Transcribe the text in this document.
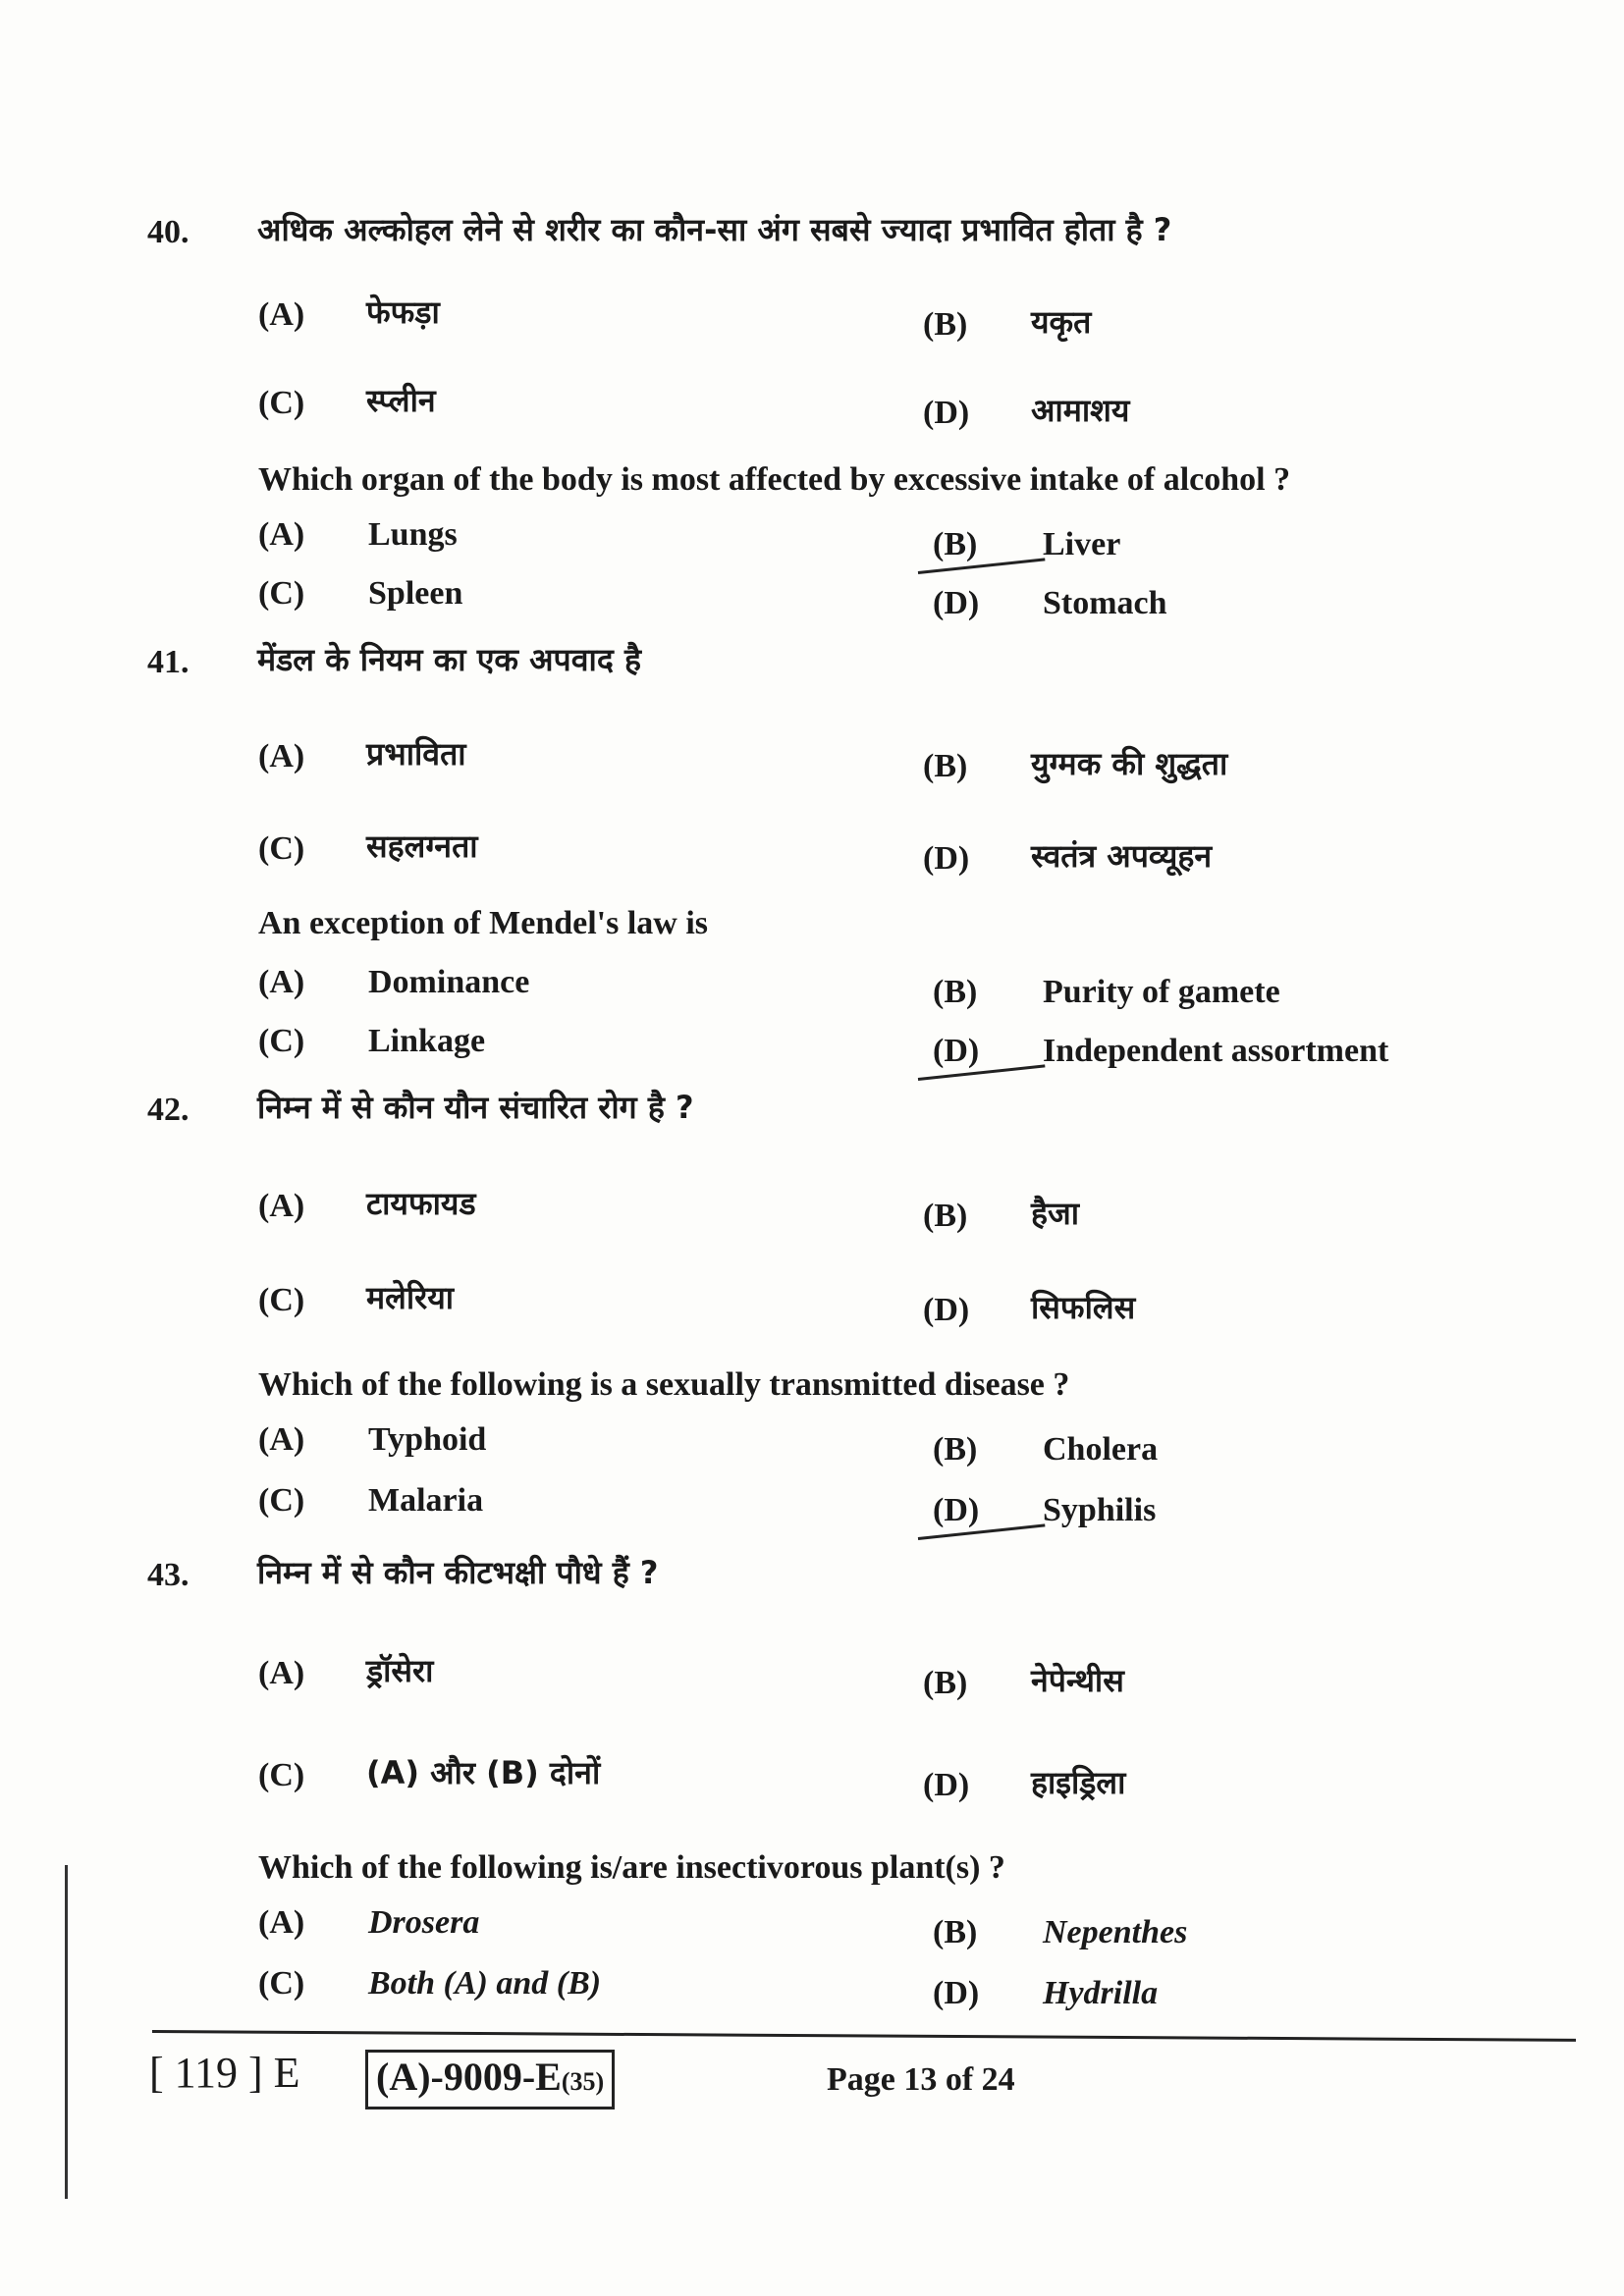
40. अधिक अल्कोहल लेने से शरीर का कौन-सा अंग सबसे ज्यादा प्रभावित होता है ?
(A) फेफड़ा	(B) यकृत
(C) स्प्लीन	(D) आमाशय
Which organ of the body is most affected by excessive intake of alcohol ?
(A) Lungs	(B) Liver
(C) Spleen	(D) Stomach
41. मेंडल के नियम का एक अपवाद है
(A) प्रभाविता	(B) युग्मक की शुद्धता
(C) सहलग्नता	(D) स्वतंत्र अपव्यूहन
An exception of Mendel's law is
(A) Dominance	(B) Purity of gamete
(C) Linkage	(D) Independent assortment
42. निम्न में से कौन यौन संचारित रोग है ?
(A) टायफायड	(B) हैजा
(C) मलेरिया	(D) सिफलिस
Which of the following is a sexually transmitted disease ?
(A) Typhoid	(B) Cholera
(C) Malaria	(D) Syphilis
43. निम्न में से कौन कीटभक्षी पौधे हैं ?
(A) ड्रॉसेरा	(B) नेपेन्थीस
(C) (A) और (B) दोनों	(D) हाइड्रिला
Which of the following is/are insectivorous plant(s) ?
(A) Drosera	(B) Nepenthes
(C) Both (A) and (B)	(D) Hydrilla
[ 119 ] E (A)-9009-E(35)	Page 13 of 24
